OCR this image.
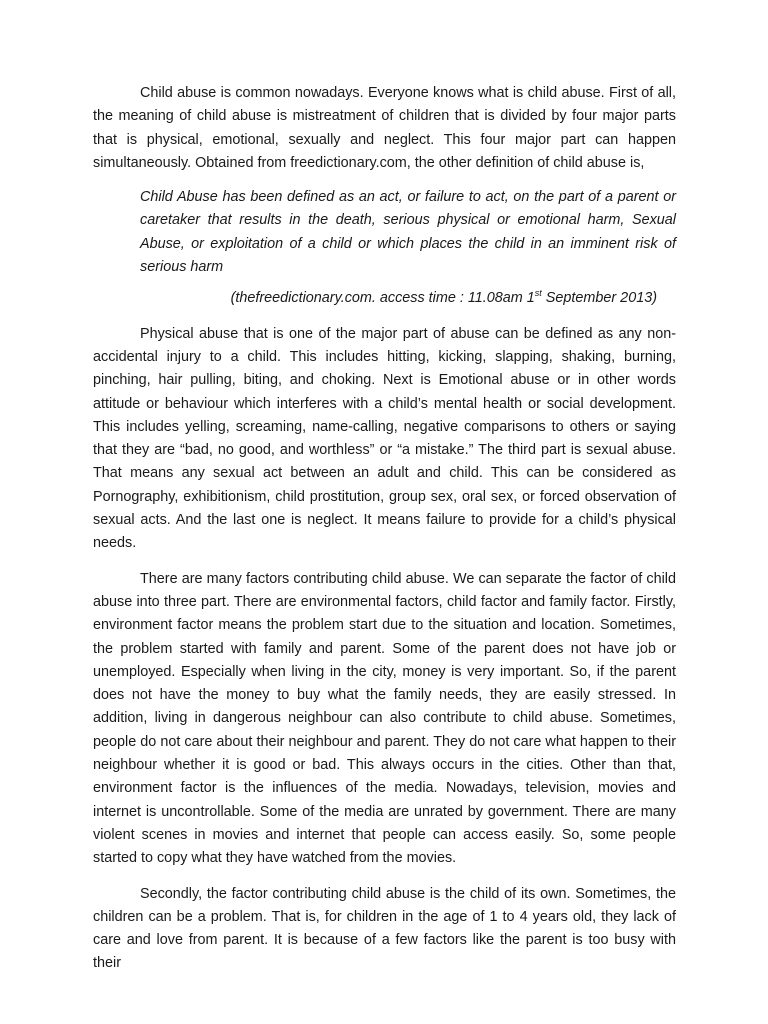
Child abuse is common nowadays. Everyone knows what is child abuse. First of all, the meaning of child abuse is mistreatment of children that is divided by four major parts that is physical, emotional, sexually and neglect. This four major part can happen simultaneously. Obtained from freedictionary.com, the other definition of child abuse is,

Child Abuse has been defined as an act, or failure to act, on the part of a parent or caretaker that results in the death, serious physical or emotional harm, Sexual Abuse, or exploitation of a child or which places the child in an imminent risk of serious harm

(thefreedictionary.com. access time : 11.08am 1st September 2013)

Physical abuse that is one of the major part of abuse can be defined as any non-accidental injury to a child. This includes hitting, kicking, slapping, shaking, burning, pinching, hair pulling, biting, and choking. Next is Emotional abuse or in other words attitude or behaviour which interferes with a child’s mental health or social development. This includes yelling, screaming, name-calling, negative comparisons to others or saying that they are “bad, no good, and worthless” or “a mistake.” The third part is sexual abuse. That means any sexual act between an adult and child. This can be considered as Pornography, exhibitionism, child prostitution, group sex, oral sex, or forced observation of sexual acts. And the last one is neglect. It means failure to provide for a child’s physical needs.

There are many factors contributing child abuse. We can separate the factor of child abuse into three part. There are environmental factors, child factor and family factor. Firstly, environment factor means the problem start due to the situation and location. Sometimes, the problem started with family and parent. Some of the parent does not have job or unemployed. Especially when living in the city, money is very important. So, if the parent does not have the money to buy what the family needs, they are easily stressed. In addition, living in dangerous neighbour can also contribute to child abuse. Sometimes, people do not care about their neighbour and parent. They do not care what happen to their neighbour whether it is good or bad. This always occurs in the cities. Other than that, environment factor is the influences of the media. Nowadays, television, movies and internet is uncontrollable. Some of the media are unrated by government. There are many violent scenes in movies and internet that people can access easily. So, some people started to copy what they have watched from the movies.

Secondly, the factor contributing child abuse is the child of its own. Sometimes, the children can be a problem. That is, for children in the age of 1 to 4 years old, they lack of care and love from parent. It is because of a few factors like the parent is too busy with their
